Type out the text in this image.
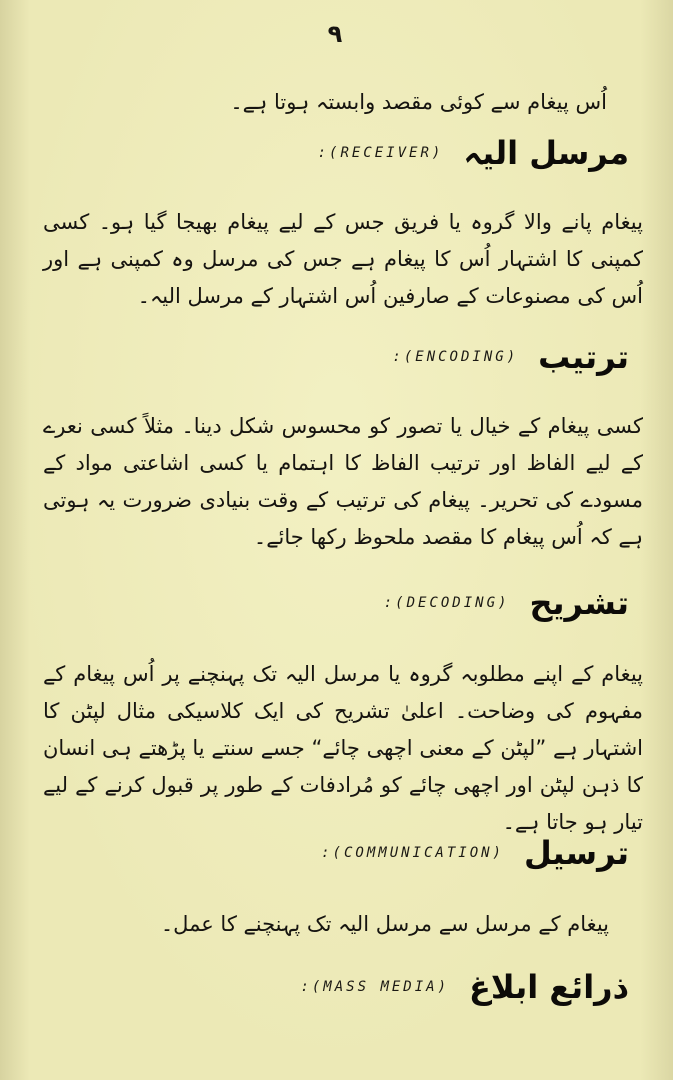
۹
اُس پیغام سے کوئی مقصد وابستہ ہوتا ہے۔
:(RECEIVER) مرسل الیہ

پیغام پانے والا گروہ یا فریق جس کے لیے پیغام بھیجا گیا ہو۔ کسی کمپنی کا اشتہار اُس کا پیغام ہے جس کی مرسل وہ کمپنی ہے اور اُس کی مصنوعات کے صارفین اُس اشتہار کے مرسل الیہ۔

:(ENCODING) ترتیب

کسی پیغام کے خیال یا تصور کو محسوس شکل دینا۔ مثلاً کسی نعرے کے لیے الفاظ اور ترتیب الفاظ کا اہتمام یا کسی اشاعتی مواد کے مسودے کی تحریر۔ پیغام کی ترتیب کے وقت بنیادی ضرورت یہ ہوتی ہے کہ اُس پیغام کا مقصد ملحوظ رکھا جائے۔

:(DECODING) تشریح

پیغام کے اپنے مطلوبہ گروہ یا مرسل الیہ تک پہنچنے پر اُس پیغام کے مفہوم کی وضاحت۔ اعلیٰ تشریح کی ایک کلاسیکی مثال لپٹن کا اشتہار ہے ”لپٹن کے معنی اچھی چائے“ جسے سنتے یا پڑھتے ہی انسان کا ذہن لپٹن اور اچھی چائے کو مُرادفات کے طور پر قبول کرنے کے لیے تیار ہو جاتا ہے۔

:(COMMUNICATION) ترسیل

پیغام کے مرسل سے مرسل الیہ تک پہنچنے کا عمل۔

:(MASS MEDIA) ذرائع ابلاغ
